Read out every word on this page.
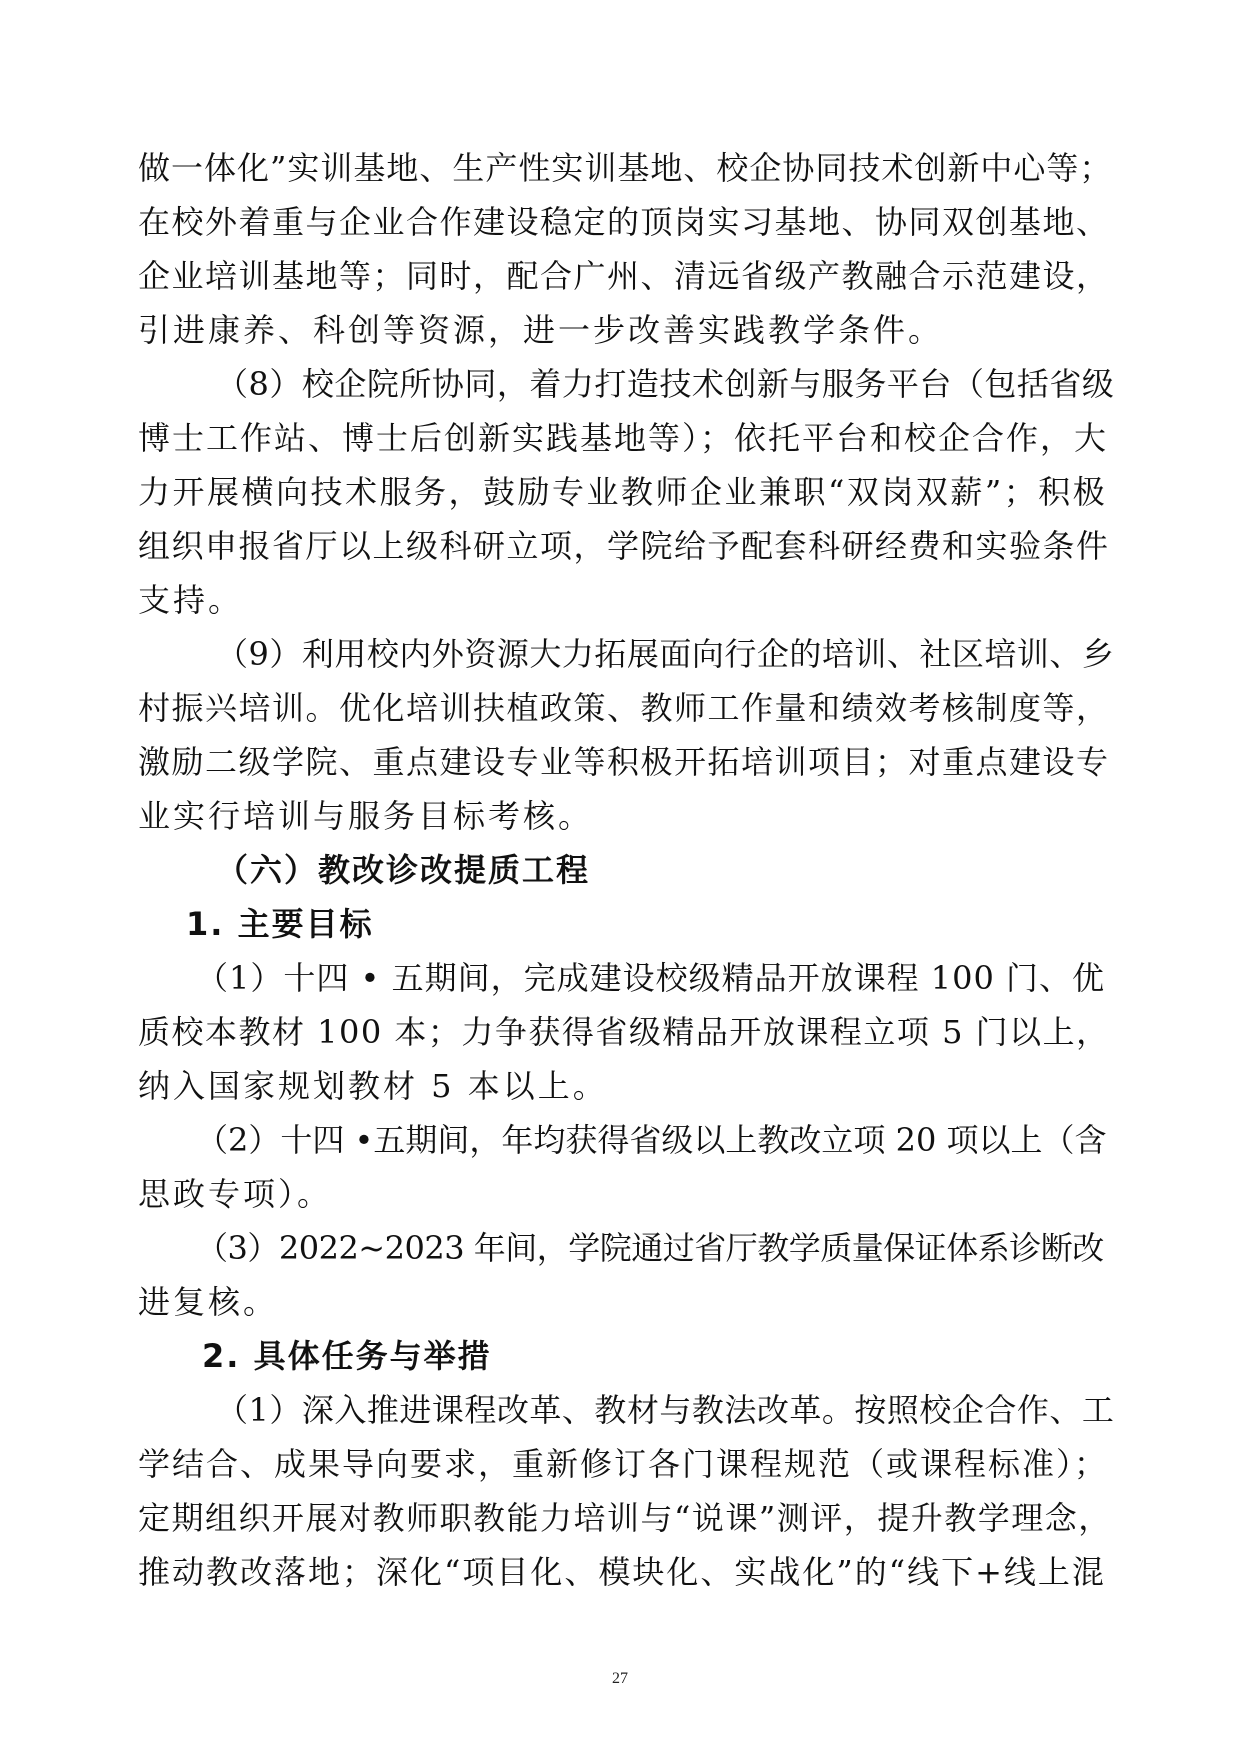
做一体化”实训基地、生产性实训基地、校企协同技术创新中心等；
在校外着重与企业合作建设稳定的顶岗实习基地、协同双创基地、
企业培训基地等；同时，配合广州、清远省级产教融合示范建设，
引进康养、科创等资源，进一步改善实践教学条件。
（8）校企院所协同，着力打造技术创新与服务平台（包括省级
博士工作站、博士后创新实践基地等）；依托平台和校企合作，大
力开展横向技术服务，鼓励专业教师企业兼职“双岗双薪”；积极
组织申报省厅以上级科研立项，学院给予配套科研经费和实验条件
支持。
（9）利用校内外资源大力拓展面向行企的培训、社区培训、乡
村振兴培训。优化培训扶植政策、教师工作量和绩效考核制度等，
激励二级学院、重点建设专业等积极开拓培训项目；对重点建设专
业实行培训与服务目标考核。
（六）教改诊改提质工程
1. 主要目标
（1）十四 • 五期间，完成建设校级精品开放课程 100 门、优
质校本教材 100 本；力争获得省级精品开放课程立项 5 门以上，
纳入国家规划教材 5 本以上。
（2）十四 •五期间，年均获得省级以上教改立项 20 项以上（含
思政专项）。
（3）2022~2023 年间，学院通过省厅教学质量保证体系诊断改
进复核。
2. 具体任务与举措
（1）深入推进课程改革、教材与教法改革。按照校企合作、工
学结合、成果导向要求，重新修订各门课程规范（或课程标准）；
定期组织开展对教师职教能力培训与“说课”测评，提升教学理念，
推动教改落地；深化“项目化、模块化、实战化”的“线下+线上混
27
